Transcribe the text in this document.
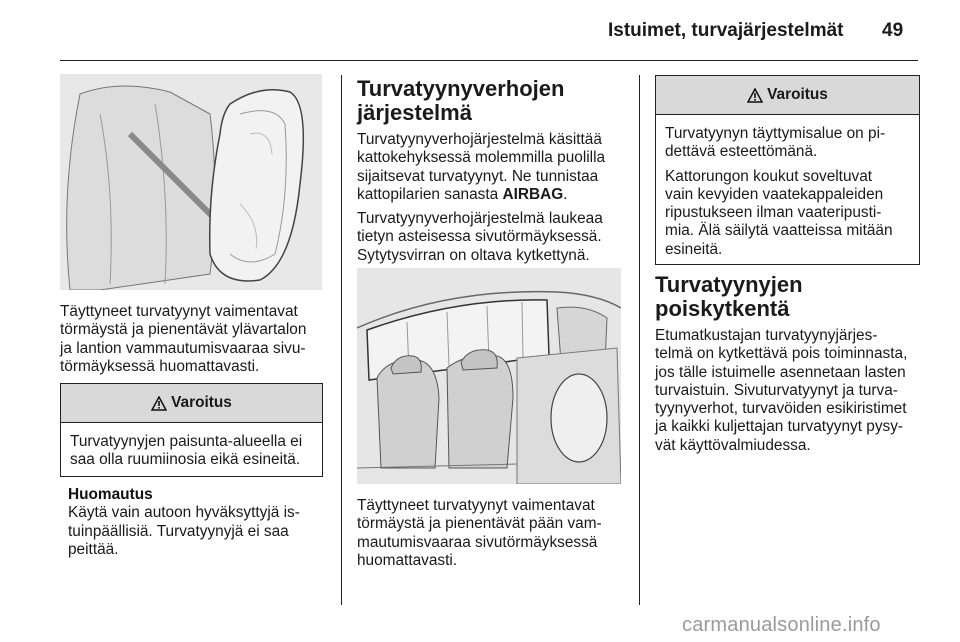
Istuimet, turvajärjestelmät 49

Täyttyneet turvatyynyt vaimentavat

törmäystä ja pienentävät ylävartalon

ja lantion vammautumisvaaraa sivu-

törmäyksessä huomattavasti.

Varoitus

Turvatyynyjen paisunta-alueella ei

saa olla ruumiinosia eikä esineitä.

Huomautus

Käytä vain autoon hyväksyttyjä is-

tuinpäällisiä. Turvatyynyjä ei saa

peittää.

Turvatyynyverhojen
järjestelmä

Turvatyynyverhojärjestelmä käsittää

kattokehyksessä molemmilla puolilla

sijaitsevat turvatyynyt. Ne tunnistaa

kattopilarien sanasta AIRBAG.

Turvatyynyverhojärjestelmä laukeaa

tietyn asteisessa sivutörmäyksessä.

Sytytysvirran on oltava kytkettynä.

Täyttyneet turvatyynyt vaimentavat

törmäystä ja pienentävät pään vam-

mautumisvaaraa sivutörmäyksessä

huomattavasti.

Varoitus

Turvatyynyn täyttymisalue on pi-

dettävä esteettömänä.

Kattorungon koukut soveltuvat

vain kevyiden vaatekappaleiden

ripustukseen ilman vaateripusti-

mia. Älä säilytä vaatteissa mitään

esineitä.

Turvatyynyjen
poiskytkentä

Etumatkustajan turvatyynyjärjes-

telmä on kytkettävä pois toiminnasta,

jos tälle istuimelle asennetaan lasten

turvaistuin. Sivuturvatyynyt ja turva-

tyynyverhot, turvavöiden esikiristimet

ja kaikki kuljettajan turvatyynyt pysy-

vät käyttövalmiudessa.

carmanualsonline.info
